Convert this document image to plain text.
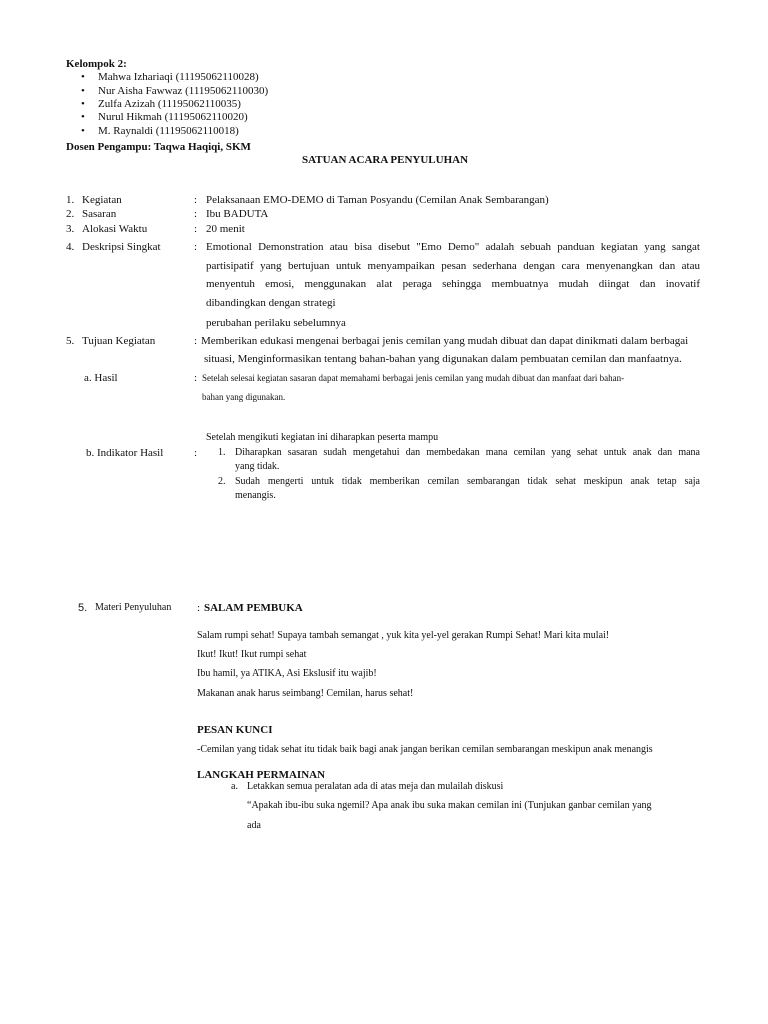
Kelompok 2:
• Mahwa Izhariaqi (11195062110028)
• Nur Aisha Fawwaz (11195062110030)
• Zulfa Azizah (11195062110035)
• Nurul Hikmah (11195062110020)
• M. Raynaldi (11195062110018)
Dosen Pengampu: Taqwa Haqiqi, SKM
SATUAN ACARA PENYULUHAN
1. Kegiatan	: Pelaksanaan EMO-DEMO di Taman Posyandu (Cemilan Anak Sembarangan)
2. Sasaran	: Ibu BADUTA
3. Alokasi Waktu	: 20 menit
4. Deskripsi Singkat	: Emotional Demonstration atau bisa disebut "Emo Demo" adalah sebuah panduan kegiatan yang sangat
partisipatif yang bertujuan untuk menyampaikan pesan sederhana dengan cara menyenangkan dan atau
menyentuh emosi, menggunakan alat peraga sehingga membuatnya mudah diingat dan inovatif
dibandingkan dengan strategi
perubahan perilaku sebelumnya
5. Tujuan Kegiatan	: Memberikan edukasi mengenai berbagai jenis cemilan yang mudah dibuat dan dapat dinikmati dalam berbagai
situasi, Menginformasikan tentang bahan-bahan yang digunakan dalam pembuatan cemilan dan manfaatnya.
a. Hasil	: Setelah selesai kegiatan sasaran dapat memahami berbagai jenis cemilan yang mudah dibuat dan manfaat dari bahan-
bahan yang digunakan.
Setelah mengikuti kegiatan ini diharapkan peserta mampu
b. Indikator Hasil	: 1. Diharapkan sasaran sudah mengetahui dan membedakan mana cemilan yang sehat untuk anak dan mana
yang tidak.
2. Sudah mengerti untuk tidak memberikan cemilan sembarangan tidak sehat meskipun anak tetap saja
menangis.
5. Materi Penyuluhan : SALAM PEMBUKA
Salam rumpi sehat! Supaya tambah semangat , yuk kita yel-yel gerakan Rumpi Sehat! Mari kita mulai!
Ikut! Ikut! Ikut rumpi sehat
Ibu hamil, ya ATIKA, Asi Ekslusif itu wajib!
Makanan anak harus seimbang! Cemilan, harus sehat!
PESAN KUNCI
-Cemilan yang tidak sehat itu tidak baik bagi anak jangan berikan cemilan sembarangan meskipun anak menangis
LANGKAH PERMAINAN
a. Letakkan semua peralatan ada di atas meja dan mulailah diskusi
“Apakah ibu-ibu suka ngemil? Apa anak ibu suka makan cemilan ini (Tunjukan ganbar cemilan yang
ada
